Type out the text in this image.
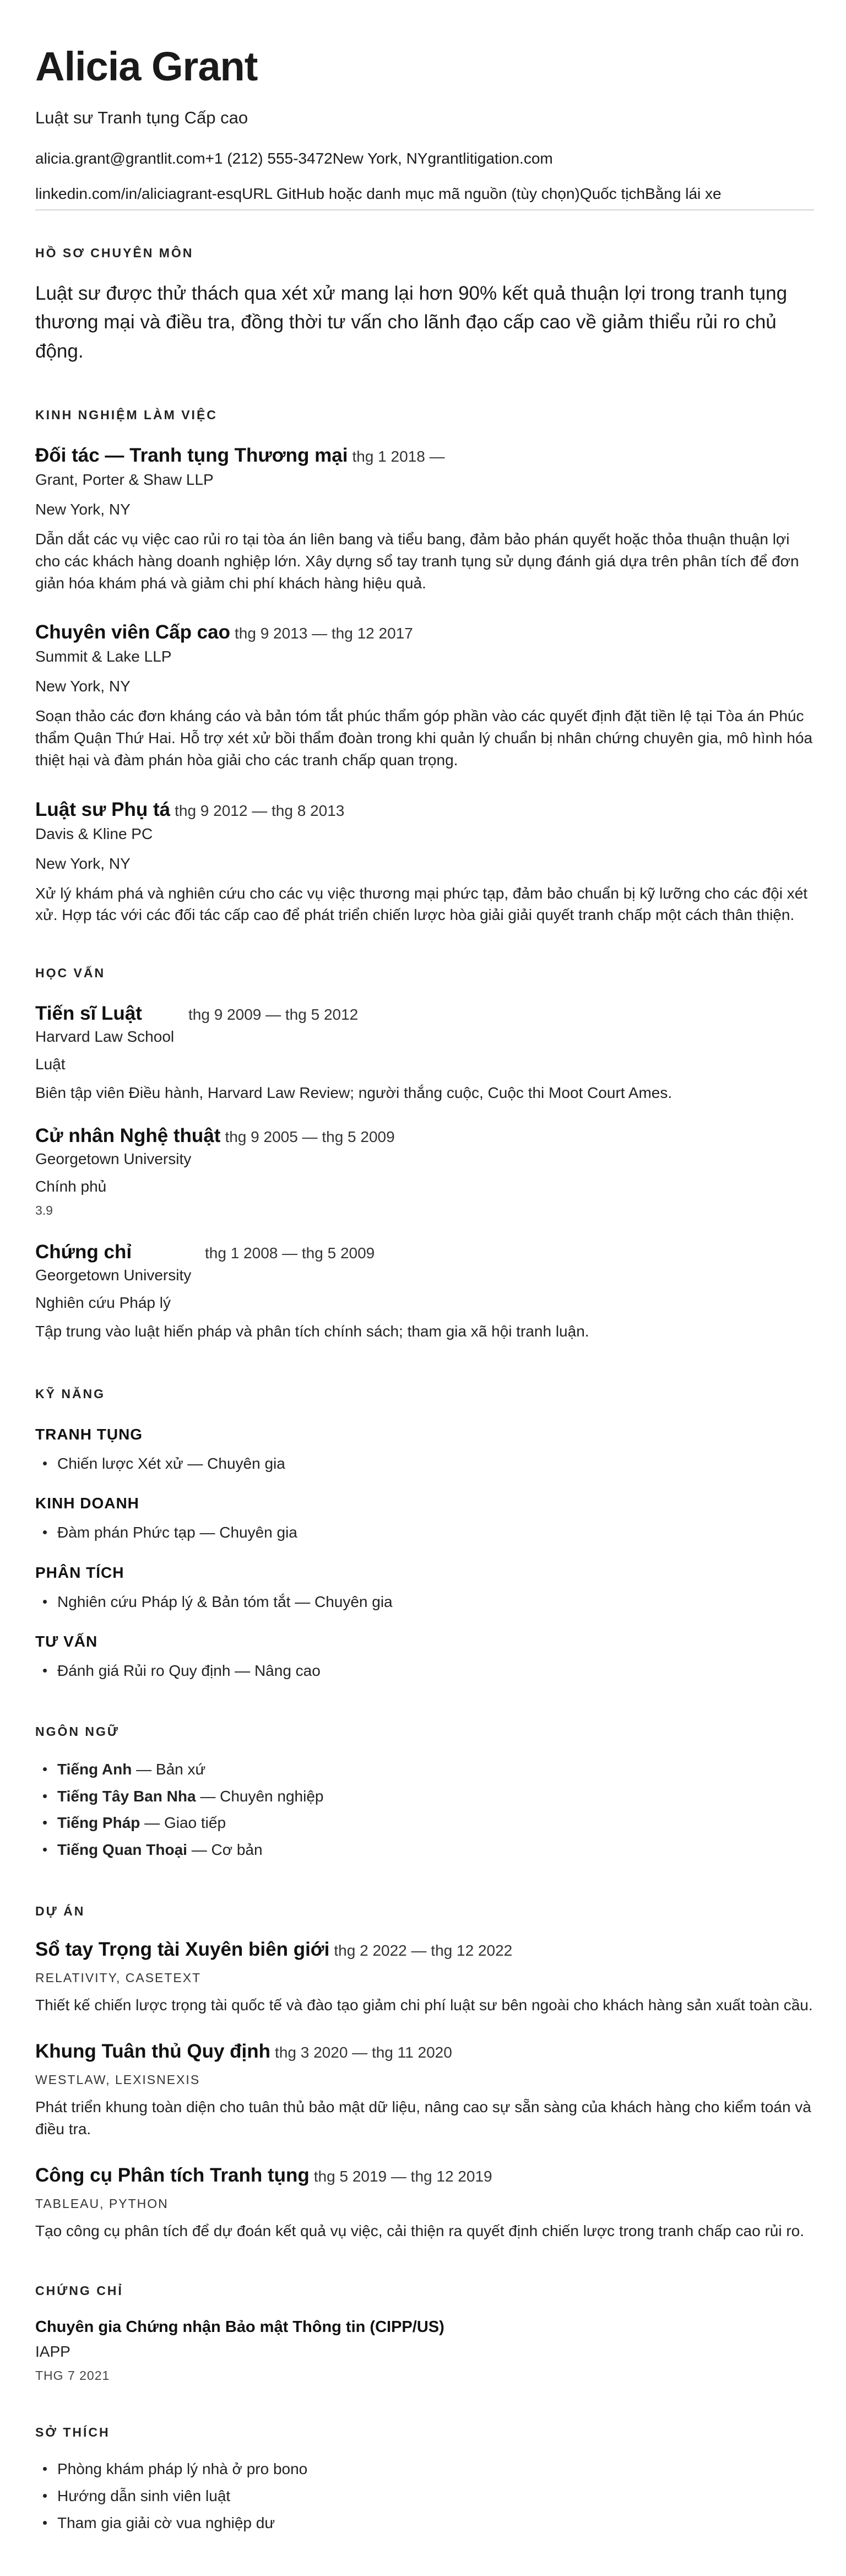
Alicia Grant
Luật sư Tranh tụng Cấp cao
alicia.grant@grantlit.com +1 (212) 555-3472 New York, NY grantlitigation.com
linkedin.com/in/aliciagrant-esq URL GitHub hoặc danh mục mã nguồn (tùy chọn) Quốc tịch Bằng lái xe
HỒ SƠ CHUYÊN MÔN
Luật sư được thử thách qua xét xử mang lại hơn 90% kết quả thuận lợi trong tranh tụng thương mại và điều tra, đồng thời tư vấn cho lãnh đạo cấp cao về giảm thiểu rủi ro chủ động.
KINH NGHIỆM LÀM VIỆC
Đối tác — Tranh tụng Thương mại thg 1 2018 —
Grant, Porter & Shaw LLP
New York, NY
Dẫn dắt các vụ việc cao rủi ro tại tòa án liên bang và tiểu bang, đảm bảo phán quyết hoặc thỏa thuận thuận lợi cho các khách hàng doanh nghiệp lớn. Xây dựng sổ tay tranh tụng sử dụng đánh giá dựa trên phân tích để đơn giản hóa khám phá và giảm chi phí khách hàng hiệu quả.
Chuyên viên Cấp cao thg 9 2013 — thg 12 2017
Summit & Lake LLP
New York, NY
Soạn thảo các đơn kháng cáo và bản tóm tắt phúc thẩm góp phần vào các quyết định đặt tiền lệ tại Tòa án Phúc thẩm Quận Thứ Hai. Hỗ trợ xét xử bồi thẩm đoàn trong khi quản lý chuẩn bị nhân chứng chuyên gia, mô hình hóa thiệt hại và đàm phán hòa giải cho các tranh chấp quan trọng.
Luật sư Phụ tá thg 9 2012 — thg 8 2013
Davis & Kline PC
New York, NY
Xử lý khám phá và nghiên cứu cho các vụ việc thương mại phức tạp, đảm bảo chuẩn bị kỹ lưỡng cho các đội xét xử. Hợp tác với các đối tác cấp cao để phát triển chiến lược hòa giải giải quyết tranh chấp một cách thân thiện.
HỌC VẤN
Tiến sĩ Luật	thg 9 2009 — thg 5 2012
Harvard Law School
Luật
Biên tập viên Điều hành, Harvard Law Review; người thắng cuộc, Cuộc thi Moot Court Ames.
Cử nhân Nghệ thuật thg 9 2005 — thg 5 2009
Georgetown University
Chính phủ
3.9
Chứng chỉ	thg 1 2008 — thg 5 2009
Georgetown University
Nghiên cứu Pháp lý
Tập trung vào luật hiến pháp và phân tích chính sách; tham gia xã hội tranh luận.
KỸ NĂNG
TRANH TỤNG
Chiến lược Xét xử — Chuyên gia
KINH DOANH
Đàm phán Phức tạp — Chuyên gia
PHÂN TÍCH
Nghiên cứu Pháp lý & Bản tóm tắt — Chuyên gia
TƯ VẤN
Đánh giá Rủi ro Quy định — Nâng cao
NGÔN NGỮ
Tiếng Anh — Bản xứ
Tiếng Tây Ban Nha — Chuyên nghiệp
Tiếng Pháp — Giao tiếp
Tiếng Quan Thoại — Cơ bản
DỰ ÁN
Sổ tay Trọng tài Xuyên biên giới thg 2 2022 — thg 12 2022
RELATIVITY, CASETEXT
Thiết kế chiến lược trọng tài quốc tế và đào tạo giảm chi phí luật sư bên ngoài cho khách hàng sản xuất toàn cầu.
Khung Tuân thủ Quy định thg 3 2020 — thg 11 2020
WESTLAW, LEXISNEXIS
Phát triển khung toàn diện cho tuân thủ bảo mật dữ liệu, nâng cao sự sẵn sàng của khách hàng cho kiểm toán và điều tra.
Công cụ Phân tích Tranh tụng thg 5 2019 — thg 12 2019
TABLEAU, PYTHON
Tạo công cụ phân tích để dự đoán kết quả vụ việc, cải thiện ra quyết định chiến lược trong tranh chấp cao rủi ro.
CHỨNG CHỈ
Chuyên gia Chứng nhận Bảo mật Thông tin (CIPP/US)
IAPP
THG 7 2021
SỞ THÍCH
Phòng khám pháp lý nhà ở pro bono
Hướng dẫn sinh viên luật
Tham gia giải cờ vua nghiệp dư
